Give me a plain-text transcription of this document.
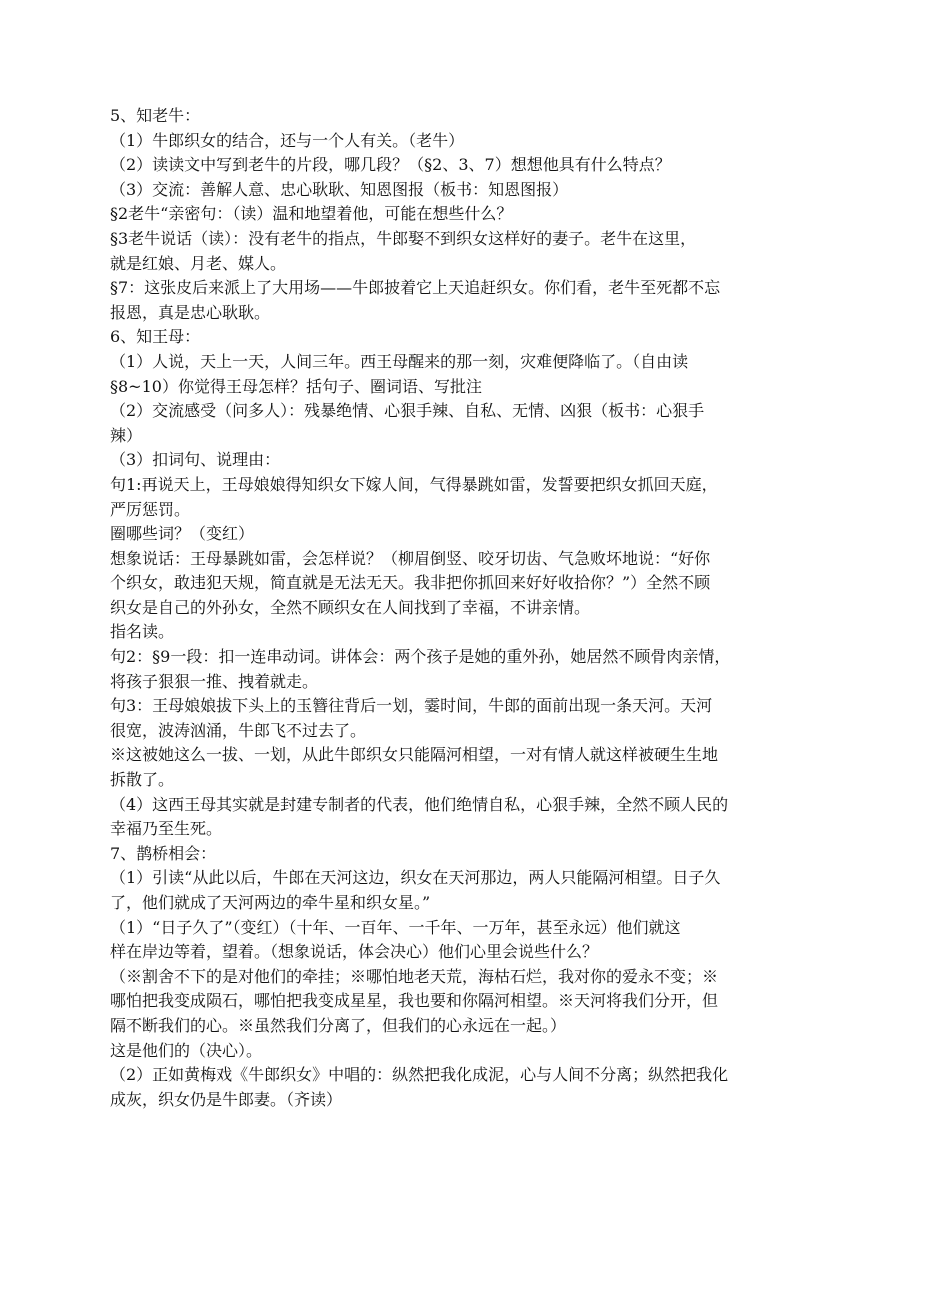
5、知老牛：
（1）牛郎织女的结合，还与一个人有关。（老牛）
（2）读读文中写到老牛的片段，哪几段？（§2、3、7）想想他具有什么特点？
（3）交流：善解人意、忠心耿耿、知恩图报（板书：知恩图报）
§2老牛“亲密句：（读）温和地望着他，可能在想些什么？
§3老牛说话（读）：没有老牛的指点，牛郎娶不到织女这样好的妻子。老牛在这里，
就是红娘、月老、媒人。
§7：这张皮后来派上了大用场——牛郎披着它上天追赶织女。你们看，老牛至死都不忘
报恩，真是忠心耿耿。
6、知王母：
（1）人说，天上一天，人间三年。西王母醒来的那一刻，灾难便降临了。（自由读
§8~10）你觉得王母怎样？括句子、圈词语、写批注
（2）交流感受（问多人）：残暴绝情、心狠手辣、自私、无情、凶狠（板书：心狠手
辣）
（3）扣词句、说理由：
句1:再说天上，王母娘娘得知织女下嫁人间，气得暴跳如雷，发誓要把织女抓回天庭，
严厉惩罚。
圈哪些词？（变红）
想象说话：王母暴跳如雷，会怎样说？（柳眉倒竖、咬牙切齿、气急败坏地说：“好你
个织女，敢违犯天规，简直就是无法无天。我非把你抓回来好好收拾你？”）全然不顾
织女是自己的外孙女，全然不顾织女在人间找到了幸福，不讲亲情。
指名读。
句2：§9一段：扣一连串动词。讲体会：两个孩子是她的重外孙，她居然不顾骨肉亲情，
将孩子狠狠一推、拽着就走。
句3：王母娘娘拔下头上的玉簪往背后一划，霎时间，牛郎的面前出现一条天河。天河
很宽，波涛汹涌，牛郎飞不过去了。
※这被她这么一拔、一划，从此牛郎织女只能隔河相望，一对有情人就这样被硬生生地
拆散了。
（4）这西王母其实就是封建专制者的代表，他们绝情自私，心狠手辣，全然不顾人民的
幸福乃至生死。
7、鹊桥相会：
（1）引读“从此以后，牛郎在天河这边，织女在天河那边，两人只能隔河相望。日子久
了，他们就成了天河两边的牵牛星和织女星。”
（1）“日子久了”（变红）（十年、一百年、一千年、一万年，甚至永远）他们就这
样在岸边等着，望着。（想象说话，体会决心）他们心里会说些什么？
（※割舍不下的是对他们的牵挂；※哪怕地老天荒，海枯石烂，我对你的爱永不变；※
哪怕把我变成陨石，哪怕把我变成星星，我也要和你隔河相望。※天河将我们分开，但
隔不断我们的心。※虽然我们分离了，但我们的心永远在一起。）
这是他们的（决心）。
（2）正如黄梅戏《牛郎织女》中唱的：纵然把我化成泥，心与人间不分离；纵然把我化
成灰，织女仍是牛郎妻。（齐读）
